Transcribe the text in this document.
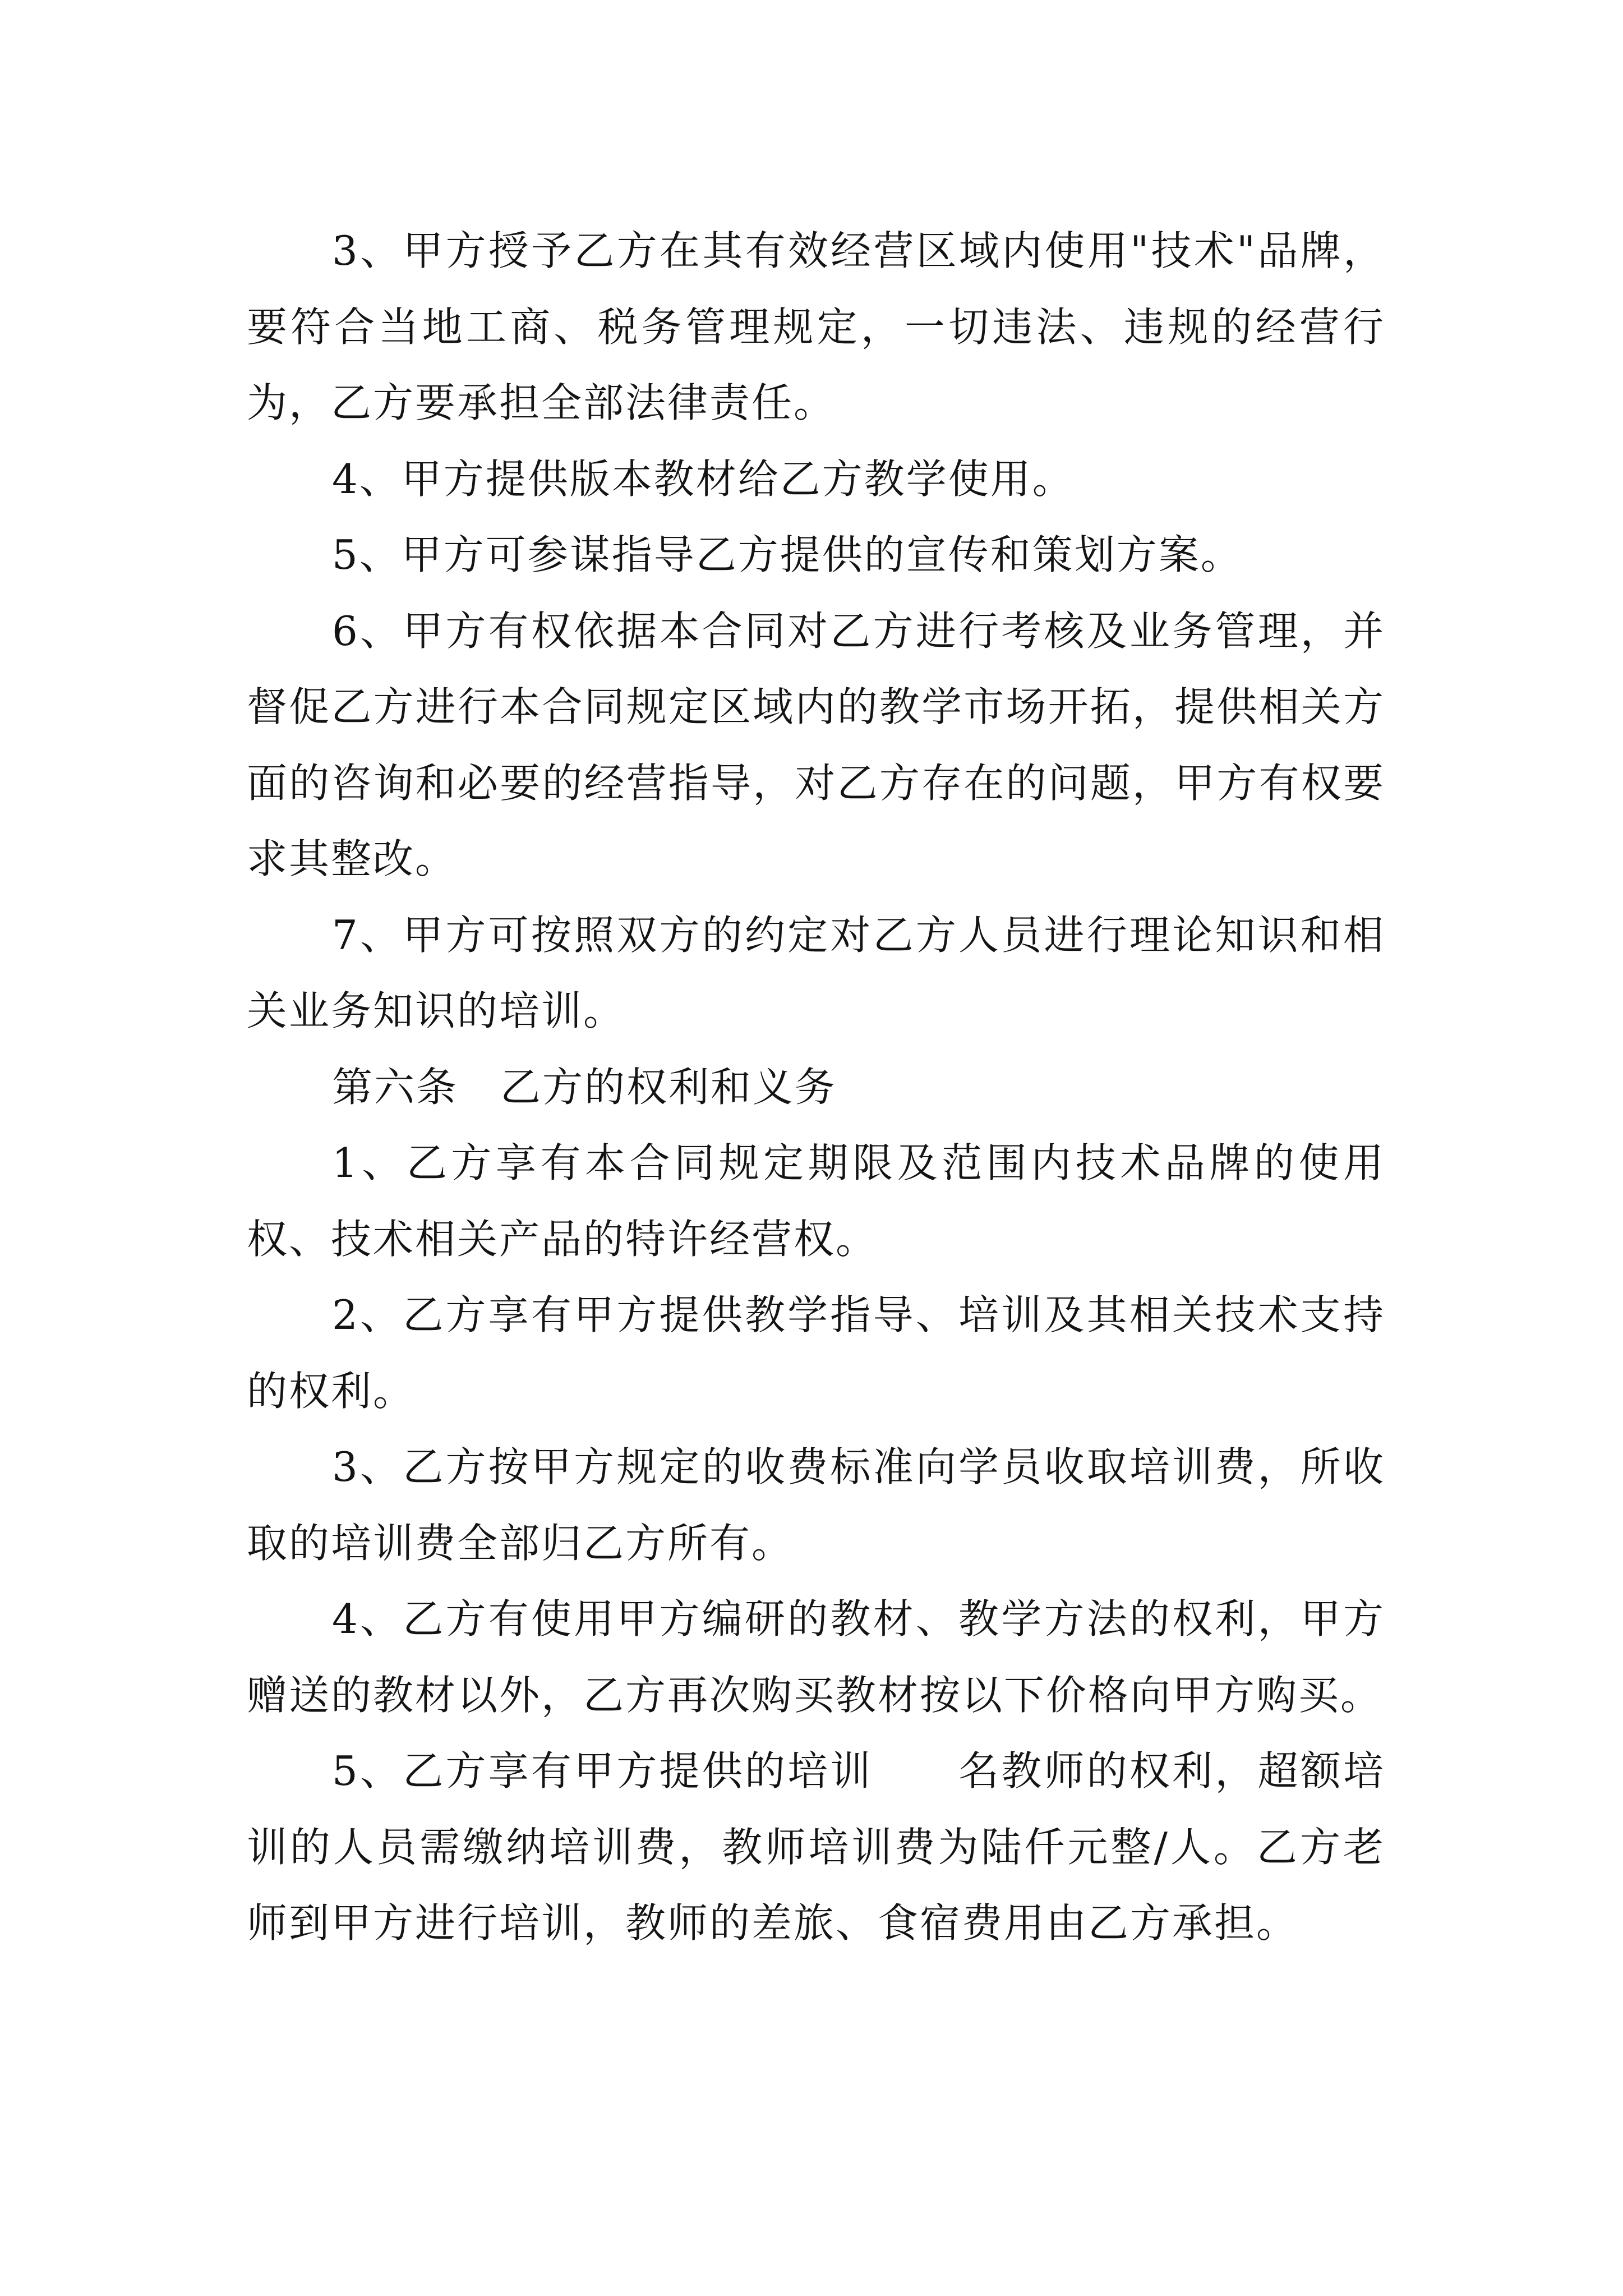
3、甲方授予乙方在其有效经营区域内使用"技术"品牌，要符合当地工商、税务管理规定，一切违法、违规的经营行为，乙方要承担全部法律责任。

4、甲方提供版本教材给乙方教学使用。

5、甲方可参谋指导乙方提供的宣传和策划方案。

6、甲方有权依据本合同对乙方进行考核及业务管理，并督促乙方进行本合同规定区域内的教学市场开拓，提供相关方面的咨询和必要的经营指导，对乙方存在的问题，甲方有权要求其整改。

7、甲方可按照双方的约定对乙方人员进行理论知识和相关业务知识的培训。

第六条　乙方的权利和义务

1、乙方享有本合同规定期限及范围内技术品牌的使用权、技术相关产品的特许经营权。

2、乙方享有甲方提供教学指导、培训及其相关技术支持的权利。

3、乙方按甲方规定的收费标准向学员收取培训费，所收取的培训费全部归乙方所有。

4、乙方有使用甲方编研的教材、教学方法的权利，甲方赠送的教材以外，乙方再次购买教材按以下价格向甲方购买。

5、乙方享有甲方提供的培训　　名教师的权利，超额培训的人员需缴纳培训费，教师培训费为陆仟元整/人。乙方老师到甲方进行培训，教师的差旅、食宿费用由乙方承担。
